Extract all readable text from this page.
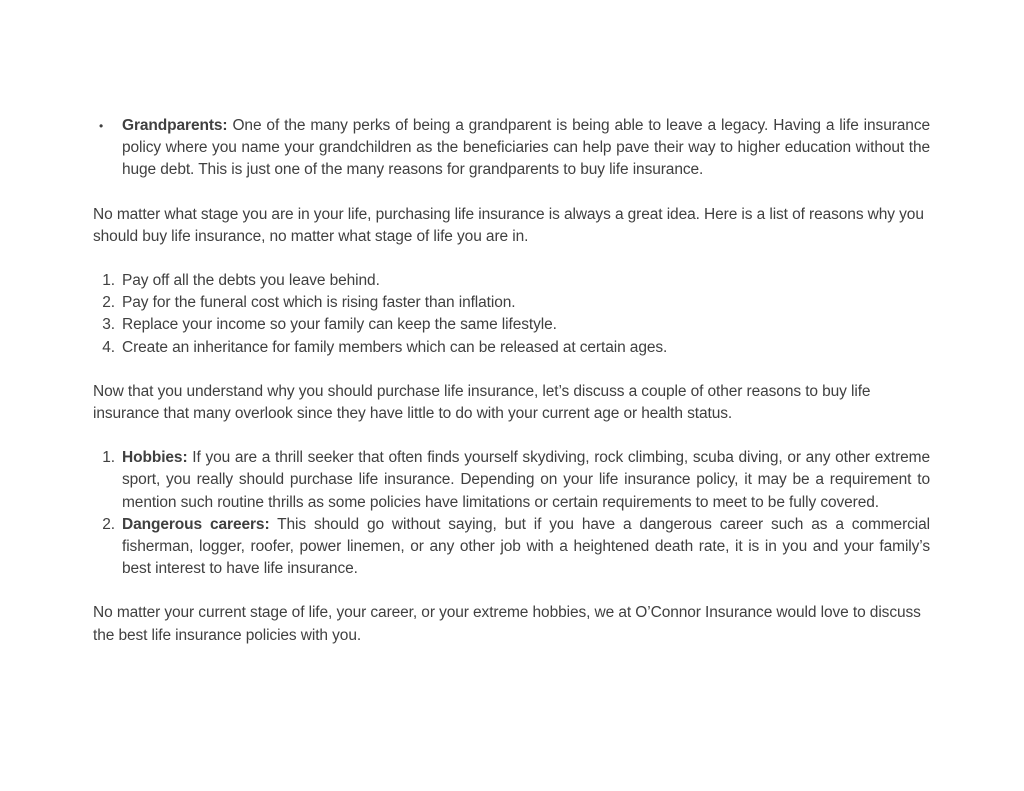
• Grandparents: One of the many perks of being a grandparent is being able to leave a legacy. Having a life insurance policy where you name your grandchildren as the beneficiaries can help pave their way to higher education without the huge debt. This is just one of the many reasons for grandparents to buy life insurance.
No matter what stage you are in your life, purchasing life insurance is always a great idea. Here is a list of reasons why you should buy life insurance, no matter what stage of life you are in.
1. Pay off all the debts you leave behind.
2. Pay for the funeral cost which is rising faster than inflation.
3. Replace your income so your family can keep the same lifestyle.
4. Create an inheritance for family members which can be released at certain ages.
Now that you understand why you should purchase life insurance, let’s discuss a couple of other reasons to buy life insurance that many overlook since they have little to do with your current age or health status.
1. Hobbies: If you are a thrill seeker that often finds yourself skydiving, rock climbing, scuba diving, or any other extreme sport, you really should purchase life insurance. Depending on your life insurance policy, it may be a requirement to mention such routine thrills as some policies have limitations or certain requirements to meet to be fully covered.
2. Dangerous careers: This should go without saying, but if you have a dangerous career such as a commercial fisherman, logger, roofer, power linemen, or any other job with a heightened death rate, it is in you and your family’s best interest to have life insurance.
No matter your current stage of life, your career, or your extreme hobbies, we at O’Connor Insurance would love to discuss the best life insurance policies with you.
